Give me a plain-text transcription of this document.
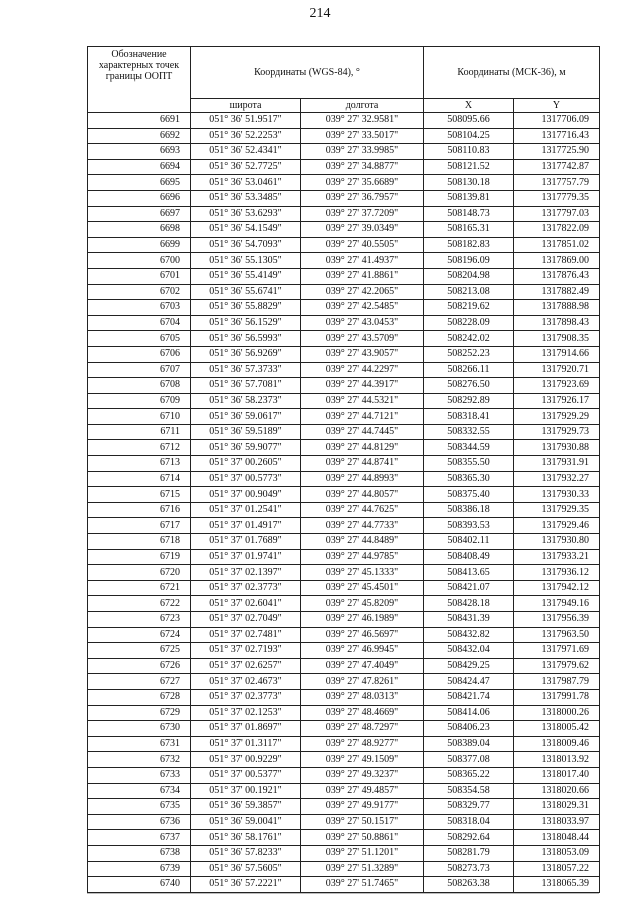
214
Обозначение характерных точек границы ООПТ	Координаты (WGS-84), °		Координаты (МСК-36), м	
	широта	долгота	X	Y
6691	051° 36' 51.9517"	039° 27' 32.9581"	508095.66	1317706.09
6692	051° 36' 52.2253"	039° 27' 33.5017"	508104.25	1317716.43
6693	051° 36' 52.4341"	039° 27' 33.9985"	508110.83	1317725.90
6694	051° 36' 52.7725"	039° 27' 34.8877"	508121.52	1317742.87
6695	051° 36' 53.0461"	039° 27' 35.6689"	508130.18	1317757.79
6696	051° 36' 53.3485"	039° 27' 36.7957"	508139.81	1317779.35
6697	051° 36' 53.6293"	039° 27' 37.7209"	508148.73	1317797.03
6698	051° 36' 54.1549"	039° 27' 39.0349"	508165.31	1317822.09
6699	051° 36' 54.7093"	039° 27' 40.5505"	508182.83	1317851.02
6700	051° 36' 55.1305"	039° 27' 41.4937"	508196.09	1317869.00
6701	051° 36' 55.4149"	039° 27' 41.8861"	508204.98	1317876.43
6702	051° 36' 55.6741"	039° 27' 42.2065"	508213.08	1317882.49
6703	051° 36' 55.8829"	039° 27' 42.5485"	508219.62	1317888.98
6704	051° 36' 56.1529"	039° 27' 43.0453"	508228.09	1317898.43
6705	051° 36' 56.5993"	039° 27' 43.5709"	508242.02	1317908.35
6706	051° 36' 56.9269"	039° 27' 43.9057"	508252.23	1317914.66
6707	051° 36' 57.3733"	039° 27' 44.2297"	508266.11	1317920.71
6708	051° 36' 57.7081"	039° 27' 44.3917"	508276.50	1317923.69
6709	051° 36' 58.2373"	039° 27' 44.5321"	508292.89	1317926.17
6710	051° 36' 59.0617"	039° 27' 44.7121"	508318.41	1317929.29
6711	051° 36' 59.5189"	039° 27' 44.7445"	508332.55	1317929.73
6712	051° 36' 59.9077"	039° 27' 44.8129"	508344.59	1317930.88
6713	051° 37' 00.2605"	039° 27' 44.8741"	508355.50	1317931.91
6714	051° 37' 00.5773"	039° 27' 44.8993"	508365.30	1317932.27
6715	051° 37' 00.9049"	039° 27' 44.8057"	508375.40	1317930.33
6716	051° 37' 01.2541"	039° 27' 44.7625"	508386.18	1317929.35
6717	051° 37' 01.4917"	039° 27' 44.7733"	508393.53	1317929.46
6718	051° 37' 01.7689"	039° 27' 44.8489"	508402.11	1317930.80
6719	051° 37' 01.9741"	039° 27' 44.9785"	508408.49	1317933.21
6720	051° 37' 02.1397"	039° 27' 45.1333"	508413.65	1317936.12
6721	051° 37' 02.3773"	039° 27' 45.4501"	508421.07	1317942.12
6722	051° 37' 02.6041"	039° 27' 45.8209"	508428.18	1317949.16
6723	051° 37' 02.7049"	039° 27' 46.1989"	508431.39	1317956.39
6724	051° 37' 02.7481"	039° 27' 46.5697"	508432.82	1317963.50
6725	051° 37' 02.7193"	039° 27' 46.9945"	508432.04	1317971.69
6726	051° 37' 02.6257"	039° 27' 47.4049"	508429.25	1317979.62
6727	051° 37' 02.4673"	039° 27' 47.8261"	508424.47	1317987.79
6728	051° 37' 02.3773"	039° 27' 48.0313"	508421.74	1317991.78
6729	051° 37' 02.1253"	039° 27' 48.4669"	508414.06	1318000.26
6730	051° 37' 01.8697"	039° 27' 48.7297"	508406.23	1318005.42
6731	051° 37' 01.3117"	039° 27' 48.9277"	508389.04	1318009.46
6732	051° 37' 00.9229"	039° 27' 49.1509"	508377.08	1318013.92
6733	051° 37' 00.5377"	039° 27' 49.3237"	508365.22	1318017.40
6734	051° 37' 00.1921"	039° 27' 49.4857"	508354.58	1318020.66
6735	051° 36' 59.3857"	039° 27' 49.9177"	508329.77	1318029.31
6736	051° 36' 59.0041"	039° 27' 50.1517"	508318.04	1318033.97
6737	051° 36' 58.1761"	039° 27' 50.8861"	508292.64	1318048.44
6738	051° 36' 57.8233"	039° 27' 51.1201"	508281.79	1318053.09
6739	051° 36' 57.5605"	039° 27' 51.3289"	508273.73	1318057.22
6740	051° 36' 57.2221"	039° 27' 51.7465"	508263.38	1318065.39
